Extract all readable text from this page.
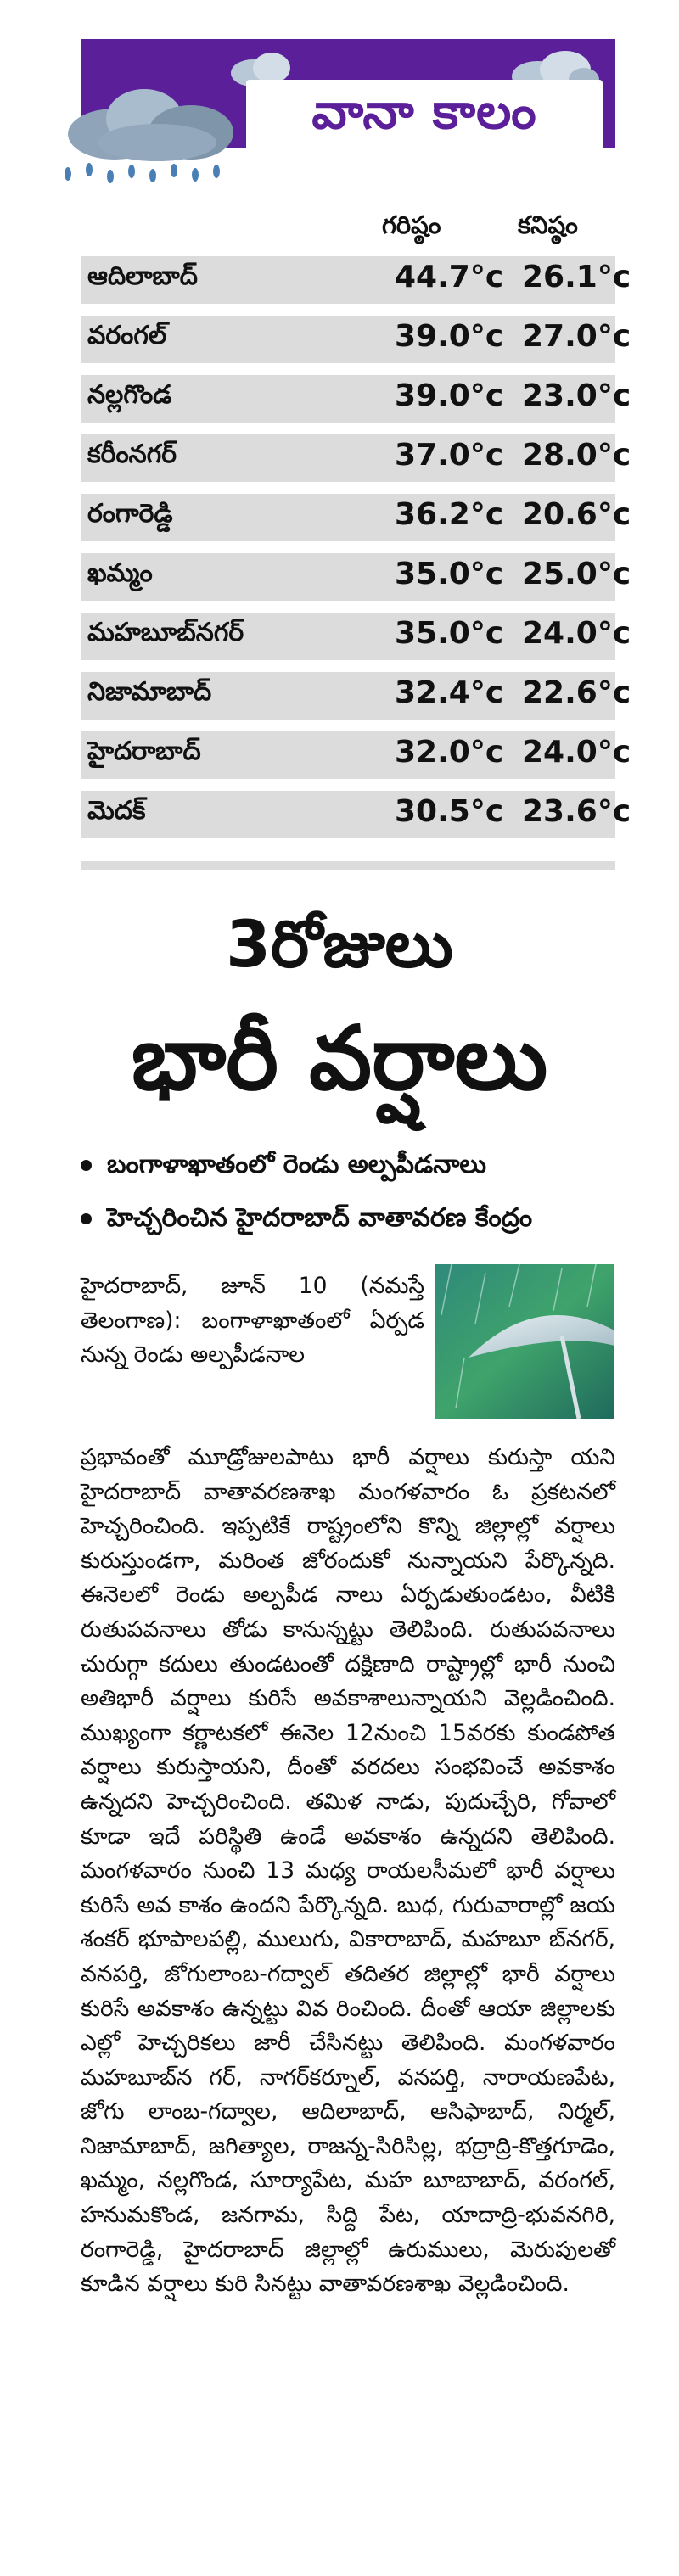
వానా కాలం
గరిష్ఠం	కనిష్ఠం
ఆదిలాబాద్	44.7°c 26.1°c
వరంగల్	39.0°c 27.0°c
నల్లగొండ	39.0°c 23.0°c
కరీంనగర్	37.0°c 28.0°c
రంగారెడ్డి	36.2°c 20.6°c
ఖమ్మం	35.0°c 25.0°c
మహబూబ్‌నగర్	35.0°c 24.0°c
నిజామాబాద్	32.4°c 22.6°c
హైదరాబాద్	32.0°c 24.0°c
మెదక్	30.5°c 23.6°c
3రోజులు
భారీ వర్షాలు
బంగాళాఖాతంలో రెండు అల్పపీడనాలు
హెచ్చరించిన హైదరాబాద్ వాతావరణ కేంద్రం
హైదరాబాద్, జూన్ 10 (నమస్తే తెలంగాణ): బంగాళాఖాతంలో ఏర్పడ నున్న రెండు అల్పపీడనాల
ప్రభావంతో మూడ్రోజులపాటు భారీ వర్షాలు కురుస్తా యని హైదరాబాద్ వాతావరణశాఖ మంగళవారం ఓ ప్రకటనలో హెచ్చరించింది. ఇప్పటికే రాష్ట్రంలోని కొన్ని జిల్లాల్లో వర్షాలు కురుస్తుండగా, మరింత జోరందుకో నున్నాయని పేర్కొన్నది. ఈనెలలో రెండు అల్పపీడ నాలు ఏర్పడుతుండటం, వీటికి రుతుపవనాలు తోడు కానున్నట్టు తెలిపింది. రుతుపవనాలు చురుగ్గా కదులు తుండటంతో దక్షిణాది రాష్ట్రాల్లో భారీ నుంచి అతిభారీ వర్షాలు కురిసే అవకాశాలున్నాయని వెల్లడించింది. ముఖ్యంగా కర్ణాటకలో ఈనెల 12నుంచి 15వరకు కుండపోత వర్షాలు కురుస్తాయని, దీంతో వరదలు సంభవించే అవకాశం ఉన్నదని హెచ్చరించింది. తమిళ నాడు, పుదుచ్చేరి, గోవాలో కూడా ఇదే పరిస్థితి ఉండే అవకాశం ఉన్నదని తెలిపింది. మంగళవారం నుంచి 13 మధ్య రాయలసీమలో భారీ వర్షాలు కురిసే అవ కాశం ఉందని పేర్కొన్నది. బుధ, గురువారాల్లో జయ శంకర్ భూపాలపల్లి, ములుగు, వికారాబాద్, మహబూ బ్‌నగర్, వనపర్తి, జోగులాంబ-గద్వాల్ తదితర జిల్లాల్లో భారీ వర్షాలు కురిసే అవకాశం ఉన్నట్టు వివ రించింది. దీంతో ఆయా జిల్లాలకు ఎల్లో హెచ్చరికలు జారీ చేసినట్టు తెలిపింది. మంగళవారం మహబూబ్‌న గర్, నాగర్‌కర్నూల్, వనపర్తి, నారాయణపేట, జోగు లాంబ-గద్వాల, ఆదిలాబాద్, ఆసిఫాబాద్, నిర్మల్, నిజామాబాద్, జగిత్యాల, రాజన్న-సిరిసిల్ల, భద్రాద్రి-కొత్తగూడెం, ఖమ్మం, నల్లగొండ, సూర్యాపేట, మహ బూబాబాద్, వరంగల్, హనుమకొండ, జనగామ, సిద్ది పేట, యాదాద్రి-భువనగిరి, రంగారెడ్డి, హైదరాబాద్ జిల్లాల్లో ఉరుములు, మెరుపులతో కూడిన వర్షాలు కురి సినట్టు వాతావరణశాఖ వెల్లడించింది.
